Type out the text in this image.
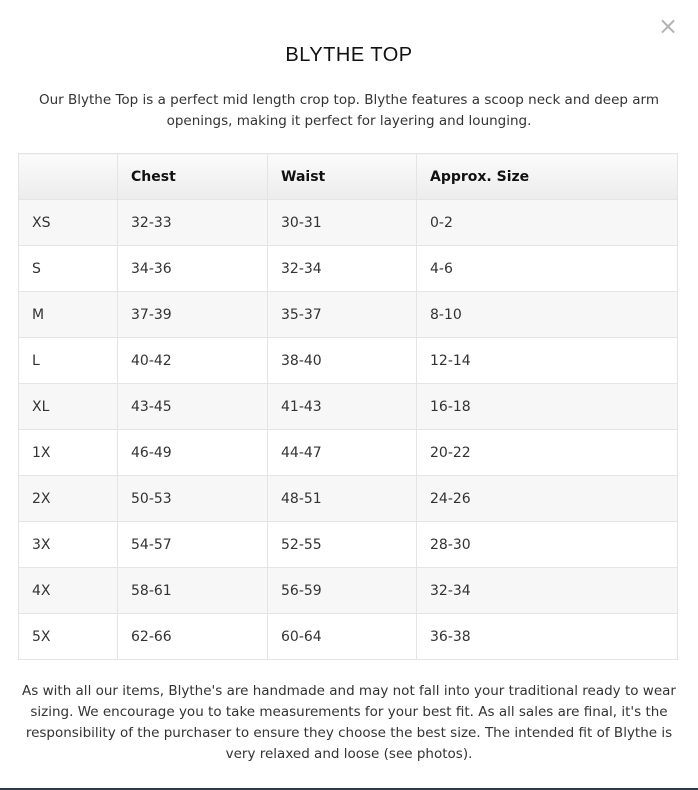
×
BLYTHE TOP

Our Blythe Top is a perfect mid length crop top. Blythe features a scoop neck and deep arm openings, making it perfect for layering and lounging.

	Chest	Waist	Approx. Size
XS	32-33	30-31	0-2
S	34-36	32-34	4-6
M	37-39	35-37	8-10
L	40-42	38-40	12-14
XL	43-45	41-43	16-18
1X	46-49	44-47	20-22
2X	50-53	48-51	24-26
3X	54-57	52-55	28-30
4X	58-61	56-59	32-34
5X	62-66	60-64	36-38

As with all our items, Blythe's are handmade and may not fall into your traditional ready to wear sizing. We encourage you to take measurements for your best fit. As all sales are final, it's the responsibility of the purchaser to ensure they choose the best size. The intended fit of Blythe is very relaxed and loose (see photos).
